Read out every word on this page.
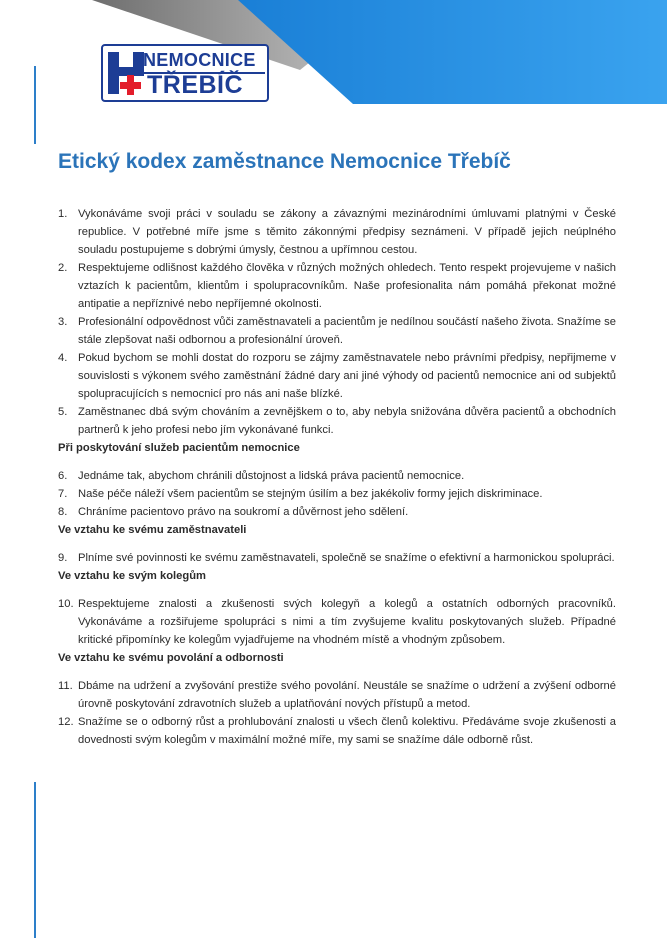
NEMOCNICE
TŘEBÍČ
Etický kodex zaměstnance Nemocnice Třebíč
1. Vykonáváme svoji práci v souladu se zákony a závaznými mezinárodními úmluvami platnými v České republice. V potřebné míře jsme s těmito zákonnými předpisy seznámeni. V případě jejich neúplného souladu postupujeme s dobrými úmysly, čestnou a upřímnou cestou.
2. Respektujeme odlišnost každého člověka v různých možných ohledech. Tento respekt projevujeme v našich vztazích k pacientům, klientům i spolupracovníkům. Naše profesionalita nám pomáhá překonat možné antipatie a nepříznivé nebo nepříjemné okolnosti.
3. Profesionální odpovědnost vůči zaměstnavateli a pacientům je nedílnou součástí našeho života. Snažíme se stále zlepšovat naši odbornou a profesionální úroveň.
4. Pokud bychom se mohli dostat do rozporu se zájmy zaměstnavatele nebo právními předpisy, nepřijmeme v souvislosti s výkonem svého zaměstnání žádné dary ani jiné výhody od pacientů nemocnice ani od subjektů spolupracujících s nemocnicí pro nás ani naše blízké.
5. Zaměstnanec dbá svým chováním a zevnějškem o to, aby nebyla snižována důvěra pacientů a obchodních partnerů k jeho profesi nebo jím vykonávané funkci.
Při poskytování služeb pacientům nemocnice
6. Jednáme tak, abychom chránili důstojnost a lidská práva pacientů nemocnice.
7. Naše péče náleží všem pacientům se stejným úsilím a bez jakékoliv formy jejich diskriminace.
8. Chráníme pacientovo právo na soukromí a důvěrnost jeho sdělení.
Ve vztahu ke svému zaměstnavateli
9. Plníme své povinnosti ke svému zaměstnavateli, společně se snažíme o efektivní a harmonickou spolupráci.
Ve vztahu ke svým kolegům
10. Respektujeme znalosti a zkušenosti svých kolegyň a kolegů a ostatních odborných pracovníků. Vykonáváme a rozšiřujeme spolupráci s nimi a tím zvyšujeme kvalitu poskytovaných služeb. Případné kritické připomínky ke kolegům vyjadřujeme na vhodném místě a vhodným způsobem.
Ve vztahu ke svému povolání a odbornosti
11. Dbáme na udržení a zvyšování prestiže svého povolání. Neustále se snažíme o udržení a zvýšení odborné úrovně poskytování zdravotních služeb a uplatňování nových přístupů a metod.
12. Snažíme se o odborný růst a prohlubování znalosti u všech členů kolektivu. Předáváme svoje zkušenosti a dovednosti svým kolegům v maximální možné míře, my sami se snažíme dále odborně růst.
